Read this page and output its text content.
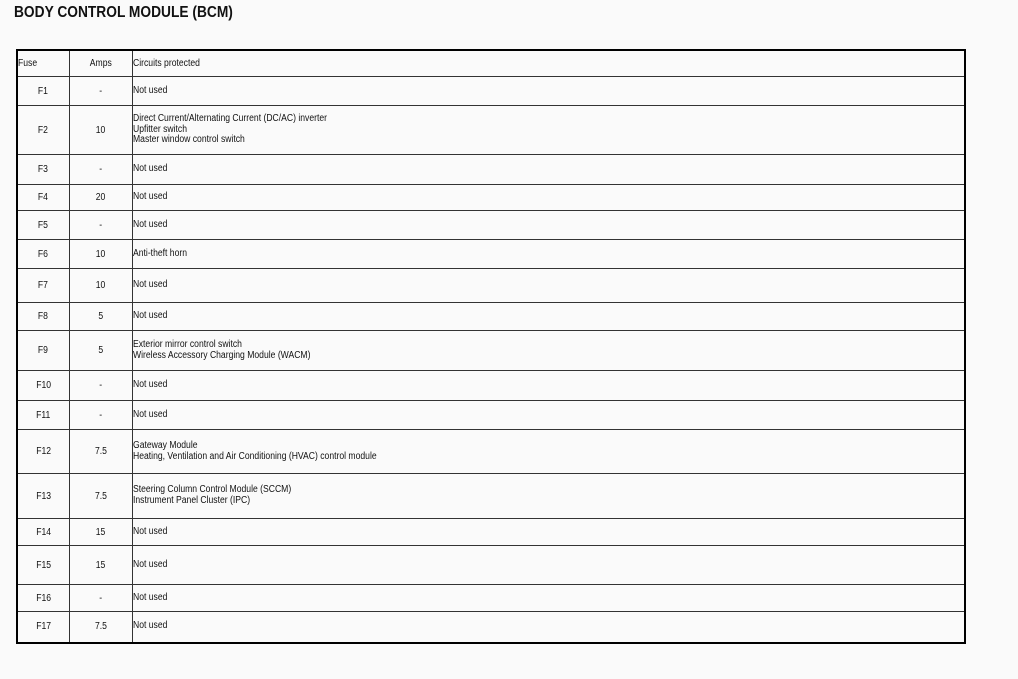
BODY CONTROL MODULE (BCM)
Fuse	Amps	Circuits protected
F1	-	Not used

F2	10	Direct Current/Alternating Current (DC/AC) inverter
Upfitter switch
Master window control switch

F3	-	Not used

F4	20	Not used

F5	-	Not used

F6	10	Anti-theft horn

F7	10	Not used

F8	5	Not used

F9	5	Exterior mirror control switch
Wireless Accessory Charging Module (WACM)

F10	-	Not used

F11	-	Not used

F12	7.5	Gateway Module
Heating, Ventilation and Air Conditioning (HVAC) control module

F13	7.5	Steering Column Control Module (SCCM)
Instrument Panel Cluster (IPC)

F14	15	Not used

F15	15	Not used

F16	-	Not used

F17	7.5	Not used
